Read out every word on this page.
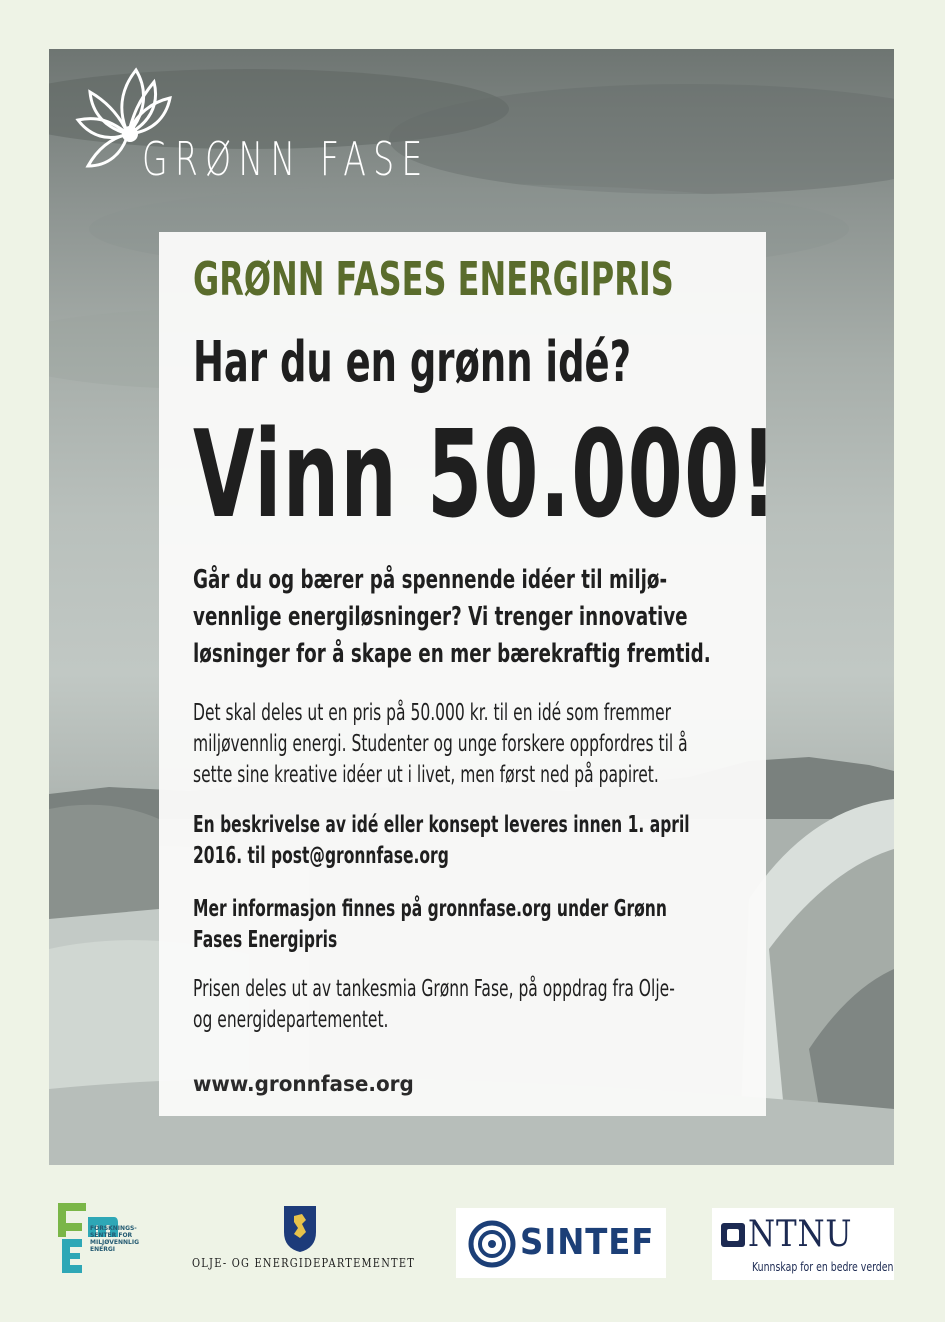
GRØNN FASE

GRØNN FASES ENERGIPRIS

Har du en grønn idé?

Vinn 50.000!

Går du og bærer på spennende idéer til miljø-vennlige energiløsninger? Vi trenger innovative løsninger for å skape en mer bærekraftig fremtid.

Det skal deles ut en pris på 50.000 kr. til en idé som fremmer miljøvennlig energi. Studenter og unge forskere oppfordres til å sette sine kreative idéer ut i livet, men først ned på papiret.

En beskrivelse av idé eller konsept leveres innen 1. april 2016. til post@gronnfase.org

Mer informasjon finnes på gronnfase.org under Grønn Fases Energipris

Prisen deles ut av tankesmia Grønn Fase, på oppdrag fra Olje- og energidepartementet.

www.gronnfase.org

FORSKNINGS-
SENTER FOR
MILJØVENNLIG
ENERGI
OLJE- OG ENERGIDEPARTEMENTET	SINTEF	NTNU
Kunnskap for en bedre verden
